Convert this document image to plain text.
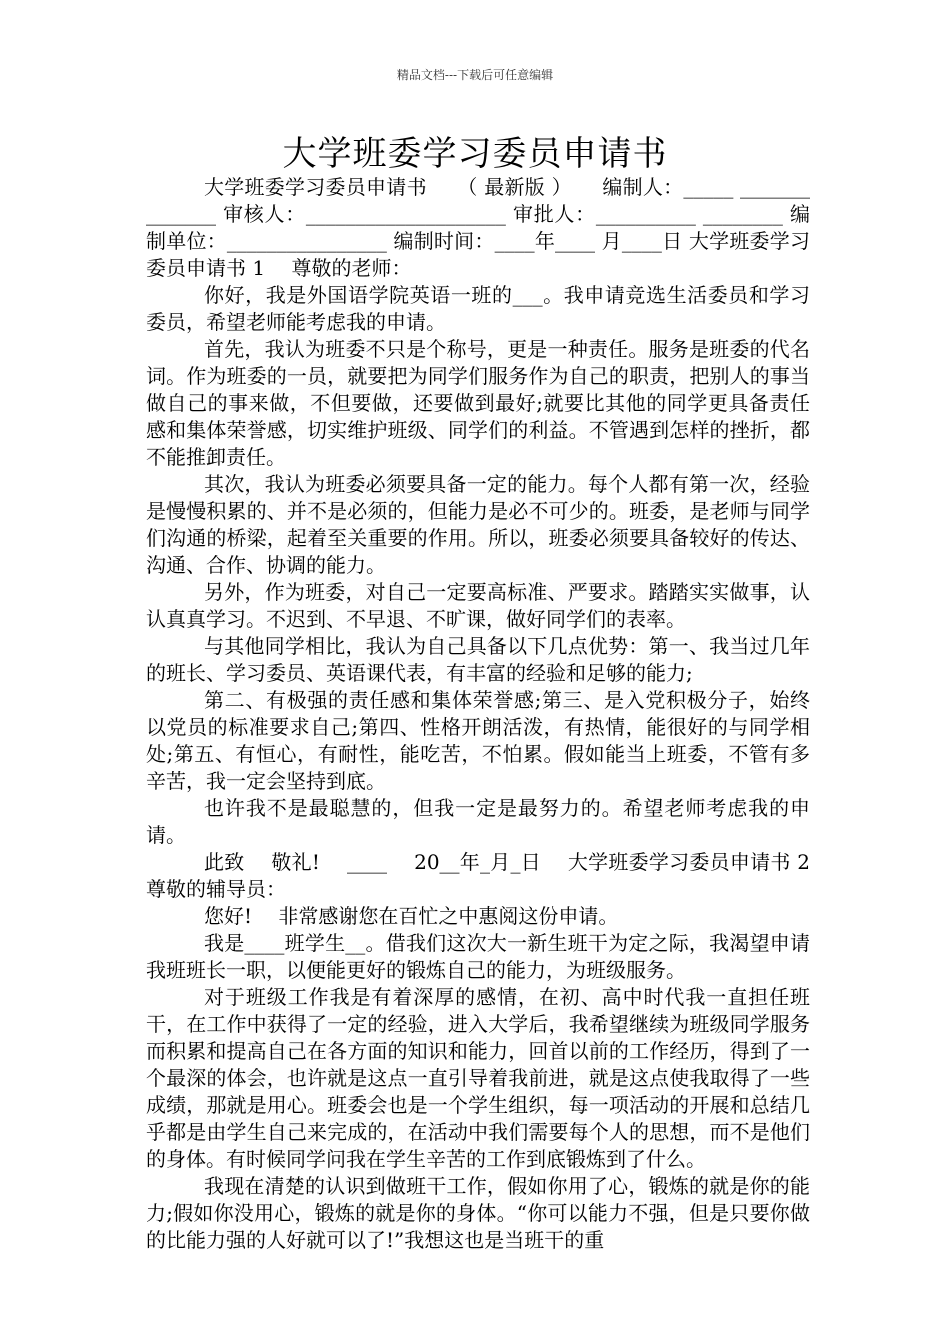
精品文档---下载后可任意编辑
大学班委学习委员申请书

大学班委学习委员申请书　　（ 最新版 ）　　编制人：_____ ______________ 审核人：____________________ 审批人：__________ ________ 编制单位：________________ 编制时间：____年____ 月____日 大学班委学习委员申请书 1　 尊敬的老师：

你好，我是外国语学院英语一班的___。我申请竞选生活委员和学习委员，希望老师能考虑我的申请。

首先，我认为班委不只是个称号，更是一种责任。服务是班委的代名词。作为班委的一员，就要把为同学们服务作为自己的职责，把别人的事当做自己的事来做，不但要做，还要做到最好;就要比其他的同学更具备责任感和集体荣誉感，切实维护班级、同学们的利益。不管遇到怎样的挫折，都不能推卸责任。

其次，我认为班委必须要具备一定的能力。每个人都有第一次，经验是慢慢积累的、并不是必须的，但能力是必不可少的。班委，是老师与同学们沟通的桥梁，起着至关重要的作用。所以，班委必须要具备较好的传达、沟通、合作、协调的能力。

另外，作为班委，对自己一定要高标准、严要求。踏踏实实做事，认认真真学习。不迟到、不早退、不旷课，做好同学们的表率。

与其他同学相比，我认为自己具备以下几点优势：第一、我当过几年的班长、学习委员、英语课代表，有丰富的经验和足够的能力;

第二、有极强的责任感和集体荣誉感;第三、是入党积极分子，始终以党员的标准要求自己;第四、性格开朗活泼，有热情，能很好的与同学相处;第五、有恒心，有耐性，能吃苦，不怕累。假如能当上班委，不管有多辛苦，我一定会坚持到底。

也许我不是最聪慧的，但我一定是最努力的。希望老师考虑我的申请。

此致　 敬礼!　 ____　 20__年_月_日　 大学班委学习委员申请书 2　 尊敬的辅导员：

您好!　 非常感谢您在百忙之中惠阅这份申请。

我是____班学生__。借我们这次大一新生班干为定之际，我渴望申请我班班长一职，以便能更好的锻炼自己的能力，为班级服务。

对于班级工作我是有着深厚的感情，在初、高中时代我一直担任班干，在工作中获得了一定的经验，进入大学后，我希望继续为班级同学服务而积累和提高自己在各方面的知识和能力，回首以前的工作经历，得到了一个最深的体会，也许就是这点一直引导着我前进，就是这点使我取得了一些成绩，那就是用心。班委会也是一个学生组织，每一项活动的开展和总结几乎都是由学生自己来完成的，在活动中我们需要每个人的思想，而不是他们的身体。有时候同学问我在学生辛苦的工作到底锻炼到了什么。

我现在清楚的认识到做班干工作，假如你用了心，锻炼的就是你的能力;假如你没用心，锻炼的就是你的身体。“你可以能力不强，但是只要你做的比能力强的人好就可以了!”我想这也是当班干的重
